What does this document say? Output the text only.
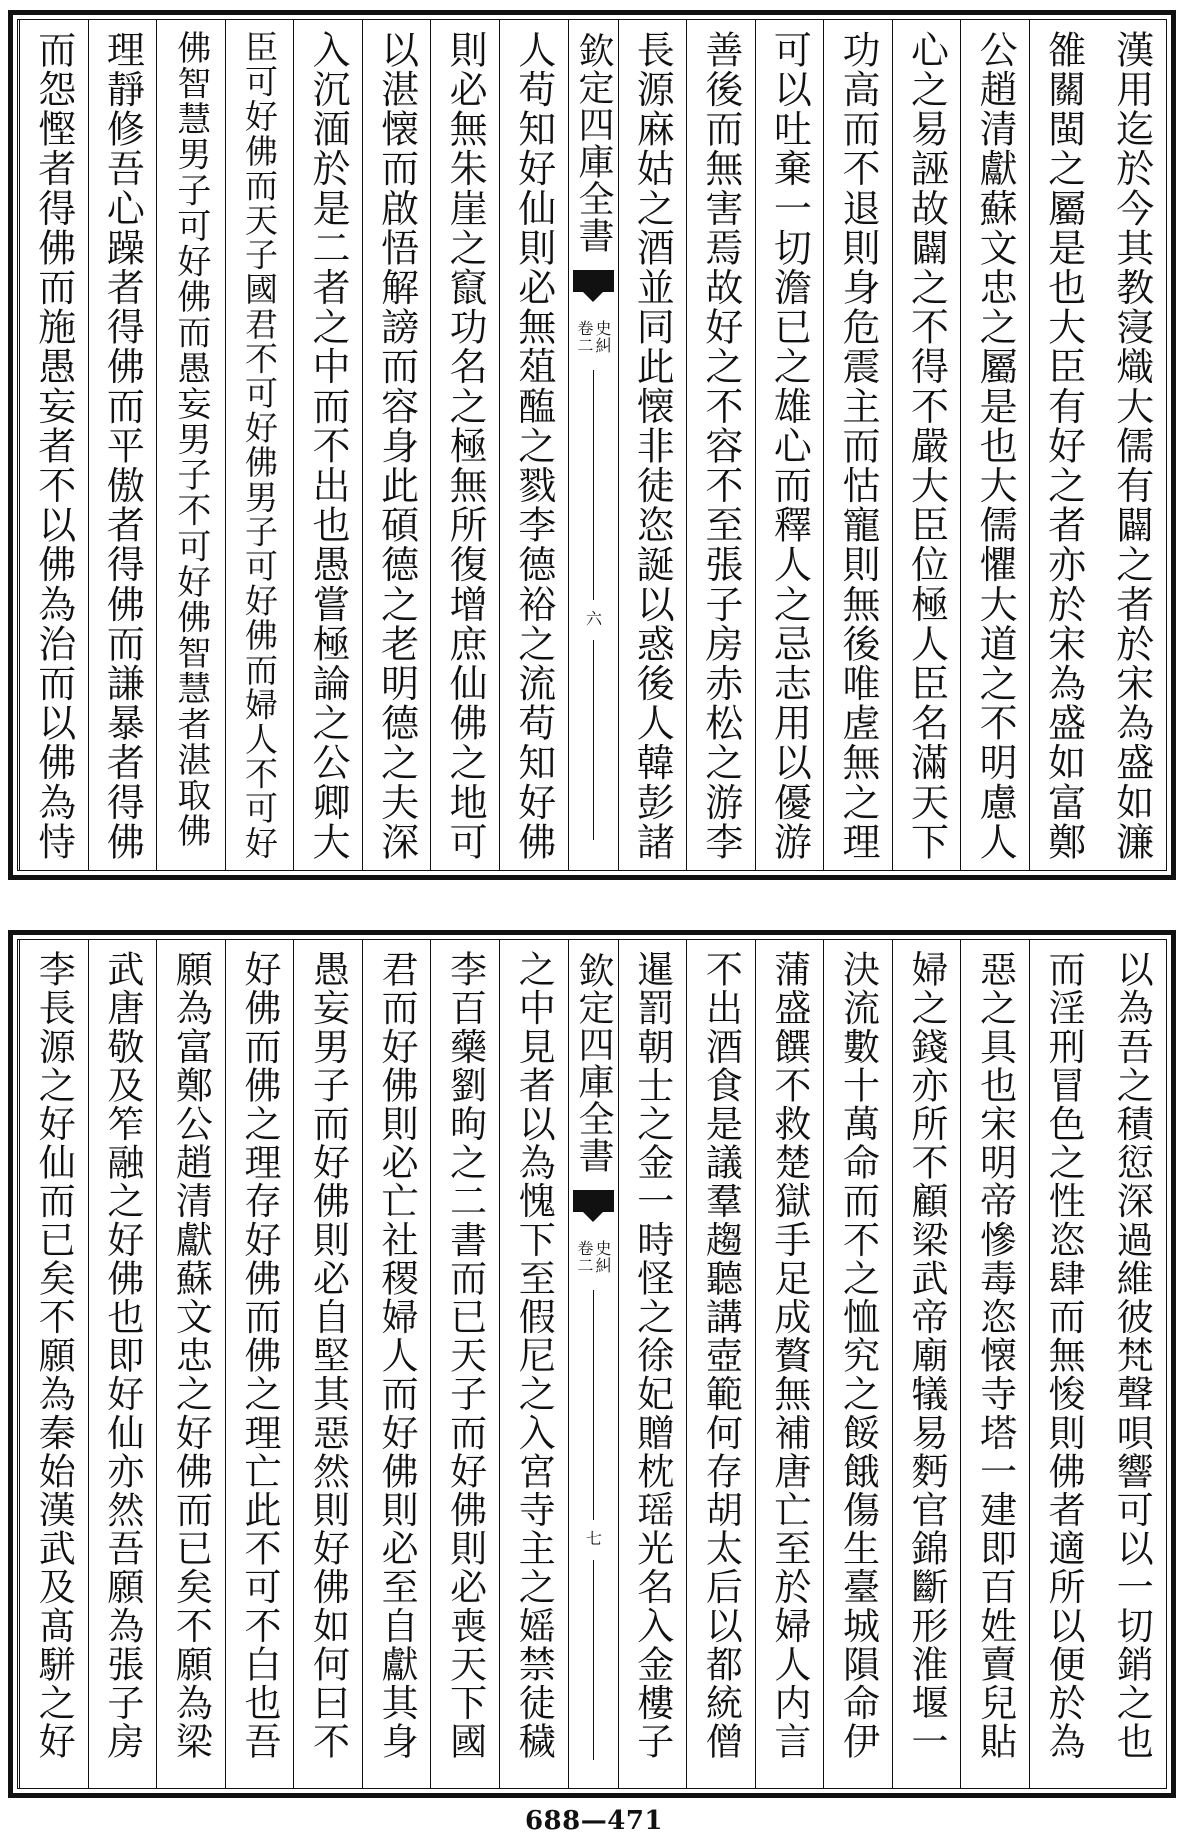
漢用迄於今其教寖熾大儒有闢之者於宋為盛如濂
雒關閩之屬是也大臣有好之者亦於宋為盛如富鄭
公趙清獻蘇文忠之屬是也大儒懼大道之不明慮人
心之易誣故闢之不得不嚴大臣位極人臣名滿天下
功高而不退則身危震主而怙寵則無後唯虗無之理
可以吐棄一切澹已之雄心而釋人之忌志用以優游
善後而無害焉故好之不容不至張子房赤松之游李
長源麻姑之酒並同此懐非徒恣誕以惑後人韓彭諸
欽定四庫全書
史糾
卷二
六
人苟知好仙則必無葅醢之戮李德裕之流苟知好佛
則必無朱崖之竄功名之極無所復增庶仙佛之地可
以湛懐而啟悟解謗而容身此碩德之老明德之夫深
入沉湎於是二者之中而不出也愚嘗極論之公卿大
臣可好佛而天子國君不可好佛男子可好佛而婦人不可好
佛智慧男子可好佛而愚妄男子不可好佛智慧者湛取佛
理靜修吾心躁者得佛而平傲者得佛而謙暴者得佛
而怨慳者得佛而施愚妄者不以佛為治而以佛為恃
以為吾之積愆深過維彼梵聲唄響可以一切銷之也
而淫刑冒色之性恣肆而無悛則佛者適所以便於為
惡之具也宋明帝慘毒恣懐寺塔一建即百姓賣兒貼
婦之錢亦所不顧梁武帝廟犠易麪官錦斷形淮堰一
決流數十萬命而不之恤究之餒餓傷生臺城隕命伊
蒲盛饌不救楚獄手足成贅無補唐亡至於婦人内言
不出酒食是議羣趨聽講壺範何存胡太后以都統僧
暹罰朝士之金一時怪之徐妃贈枕瑶光名入金樓子
欽定四庫全書
史糾
卷二
七
之中見者以為愧下至假尼之入宮寺主之媱禁徒穢
李百藥劉昫之二書而已天子而好佛則必喪天下國
君而好佛則必亡社稷婦人而好佛則必至自獻其身
愚妄男子而好佛則必自堅其惡然則好佛如何曰不
好佛而佛之理存好佛而佛之理亡此不可不白也吾
願為富鄭公趙清獻蘇文忠之好佛而已矣不願為梁
武唐敬及笮融之好佛也即好仙亦然吾願為張子房
李長源之好仙而已矣不願為秦始漢武及髙駢之好
688—471
